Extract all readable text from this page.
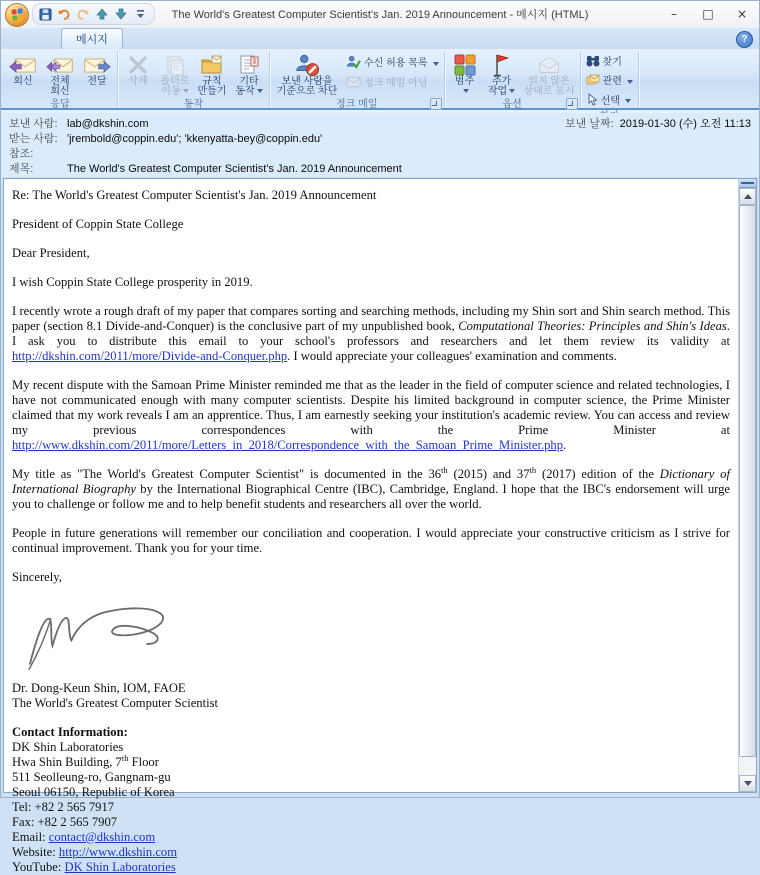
The World's Greatest Computer Scientist's Jan. 2019 Announcement - 메시지 (HTML)	–	□	×
메시지	?
회신 전체
회신
전달
응답
삭제 폴더로
이동
규칙
만들기
기타
동작
동작
보낸 사람을
기준으로 차단
수신 허용 목록
정크 메일 아님
정크 메일
범주	추가
작업
읽지 않은
상태로 표시
옵션
찾기
관련
선택
보낸 사람: lab@dkshin.com	보낸 날짜: 2019-01-30 (수) 오전 11:13
받는 사람: 'jrembold@coppin.edu'; 'kkenyatta-bey@coppin.edu'
참조:
제목:	The World's Greatest Computer Scientist's Jan. 2019 Announcement
Re: The World's Greatest Computer Scientist's Jan. 2019 Announcement
President of Coppin State College
Dear President,
I wish Coppin State College prosperity in 2019.
I recently wrote a rough draft of my paper that compares sorting and searching methods, including my Shin sort and Shin search method. This paper (section 8.1 Divide-and-Conquer) is the conclusive part of my unpublished book, Computational Theories: Principles and Shin's Ideas. I ask you to distribute this email to your school's professors and researchers and let them review its validity at http://dkshin.com/2011/more/Divide-and-Conquer.php. I would appreciate your colleagues' examination and comments.
My recent dispute with the Samoan Prime Minister reminded me that as the leader in the field of computer science and related technologies, I have not communicated enough with many computer scientists. Despite his limited background in computer science, the Prime Minister claimed that my work reveals I am an apprentice. Thus, I am earnestly seeking your institution's academic review. You can access and review my previous correspondences with the Prime Minister at http://www.dkshin.com/2011/more/Letters_in_2018/Correspondence_with_the_Samoan_Prime_Minister.php.
My title as "The World's Greatest Computer Scientist" is documented in the 36th (2015) and 37th (2017) edition of the Dictionary of International Biography by the International Biographical Centre (IBC), Cambridge, England. I hope that the IBC's endorsement will urge you to challenge or follow me and to help benefit students and researchers all over the world.
People in future generations will remember our conciliation and cooperation. I would appreciate your constructive criticism as I strive for continual improvement. Thank you for your time.
Sincerely,
Dr. Dong-Keun Shin, IOM, FAOE
The World's Greatest Computer Scientist
Contact Information:
DK Shin Laboratories
Hwa Shin Building, 7th Floor
511 Seolleung-ro, Gangnam-gu
Seoul 06150, Republic of Korea
Tel: +82 2 565 7917
Fax: +82 2 565 7907
Email: contact@dkshin.com
Website: http://www.dkshin.com
YouTube: DK Shin Laboratories
